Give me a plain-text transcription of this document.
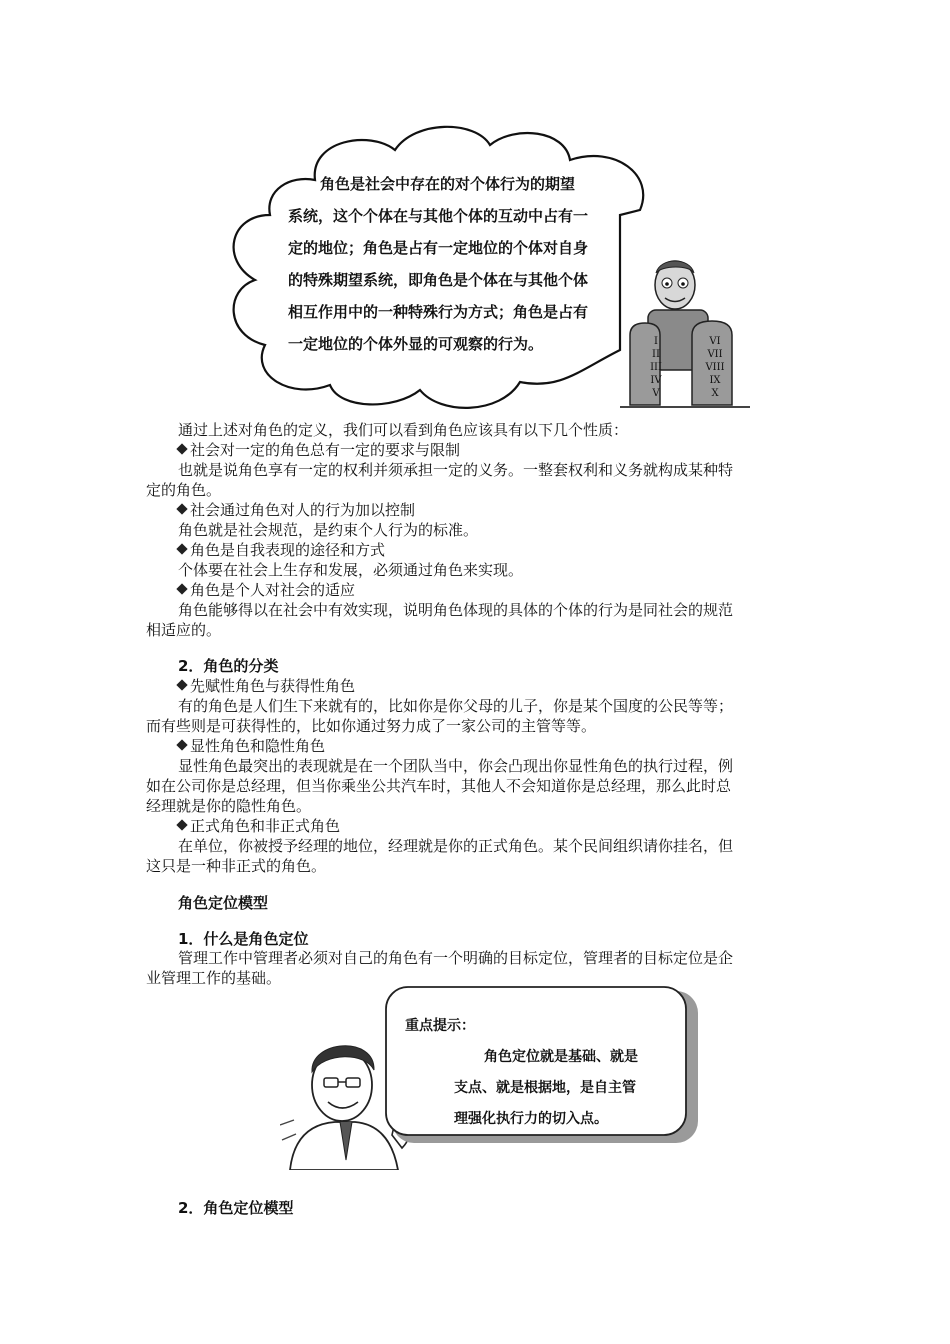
角色是社会中存在的对个体行为的期望
系统，这个个体在与其他个体的互动中占有一
定的地位；角色是占有一定地位的个体对自身
的特殊期望系统，即角色是个体在与其他个体
相互作用中的一种特殊行为方式；角色是占有
一定地位的个体外显的可观察的行为。	I
II
III
IV
V
VI
VII
VIII
IX
X
通过上述对角色的定义，我们可以看到角色应该具有以下几个性质：
社会对一定的角色总有一定的要求与限制
也就是说角色享有一定的权利并须承担一定的义务。一整套权利和义务就构成某种特
定的角色。
社会通过角色对人的行为加以控制
角色就是社会规范，是约束个人行为的标准。
角色是自我表现的途径和方式
个体要在社会上生存和发展，必须通过角色来实现。
角色是个人对社会的适应
角色能够得以在社会中有效实现，说明角色体现的具体的个体的行为是同社会的规范
相适应的。
2．角色的分类
先赋性角色与获得性角色
有的角色是人们生下来就有的，比如你是你父母的儿子，你是某个国度的公民等等；
而有些则是可获得性的，比如你通过努力成了一家公司的主管等等。
显性角色和隐性角色
显性角色最突出的表现就是在一个团队当中，你会凸现出你显性角色的执行过程，例
如在公司你是总经理，但当你乘坐公共汽车时，其他人不会知道你是总经理，那么此时总
经理就是你的隐性角色。
正式角色和非正式角色
在单位，你被授予经理的地位，经理就是你的正式角色。某个民间组织请你挂名，但
这只是一种非正式的角色。
角色定位模型
1．什么是角色定位
管理工作中管理者必须对自己的角色有一个明确的目标定位，管理者的目标定位是企
业管理工作的基础。
重点提示：
角色定位就是基础、就是
支点、就是根据地，是自主管
理强化执行力的切入点。
2．角色定位模型
